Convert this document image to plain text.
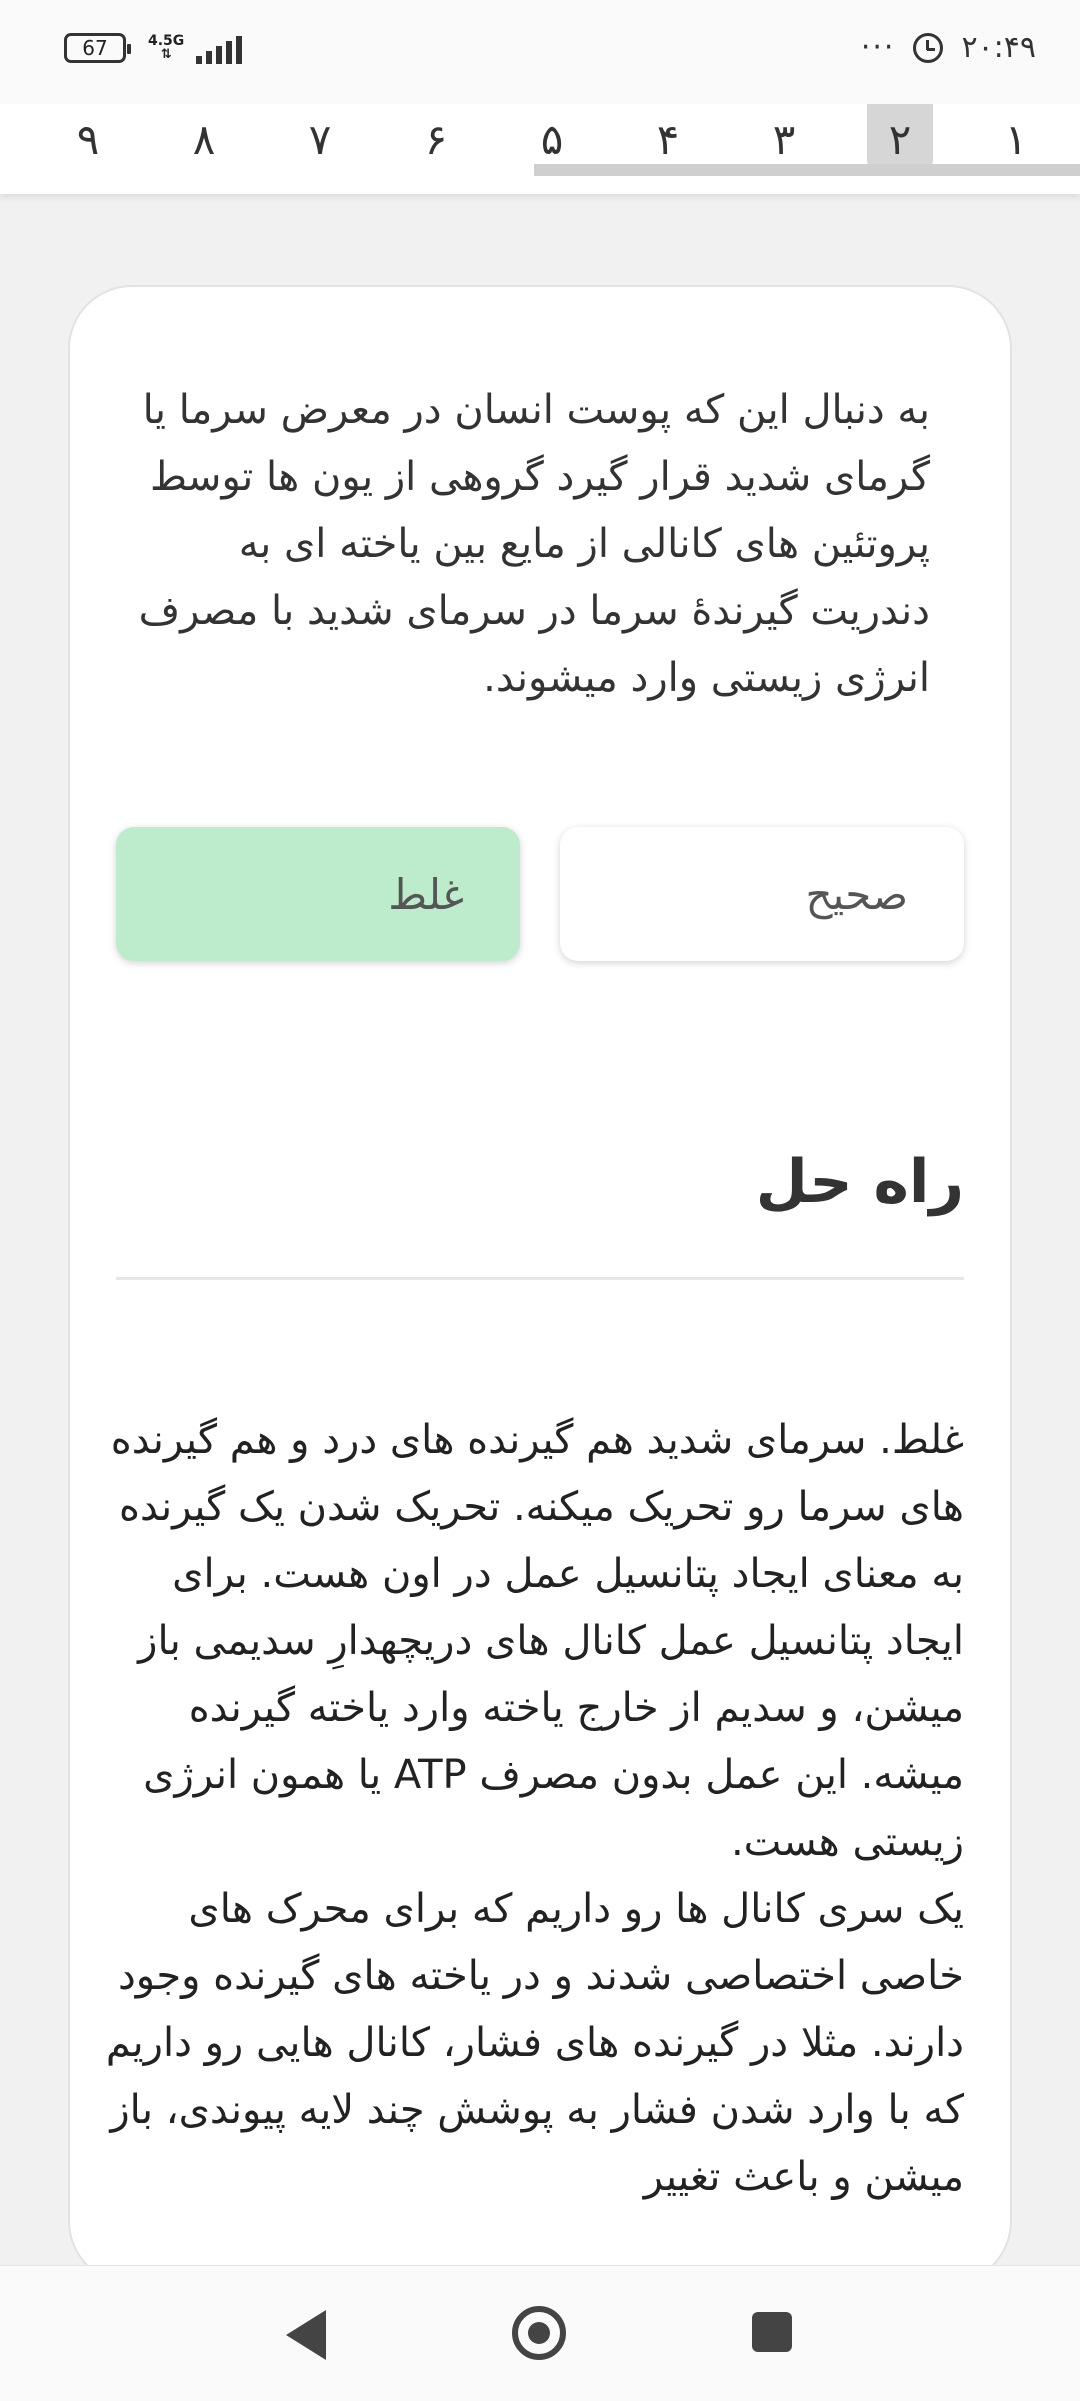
67	4.5G
⇅	··· ۲۰:۴۹
۱
۲
۳
۴
۵
۶
۷
۸
۹
به دنبال این که پوست انسان در معرض سرما یا گرمای شدید قرار گیرد گروهی از یون ها توسط پروتئین های کانالی از مایع بین یاخته ای به دندریت گیرندۀ سرما در سرمای شدید با مصرف انرژی زیستی وارد میشوند.
صحیح
غلط
راه حل

غلط. سرمای شدید هم گیرنده های درد و هم گیرنده های سرما رو تحریک میکنه. تحریک شدن یک گیرنده به معنای ایجاد پتانسیل عمل در اون هست. برای ایجاد پتانسیل عمل کانال های دریچهدارِ سدیمی باز میشن، و سدیم از خارج یاخته وارد یاخته گیرنده میشه. این عمل بدون مصرف ATP یا همون انرژی زیستی هست.

یک سری کانال ها رو داریم که برای محرک های خاصی اختصاصی شدند و در یاخته های گیرنده وجود دارند. مثلا در گیرنده های فشار، کانال هایی رو داریم که با وارد شدن فشار به پوشش چند لایه پیوندی، باز میشن و باعث تغییر
